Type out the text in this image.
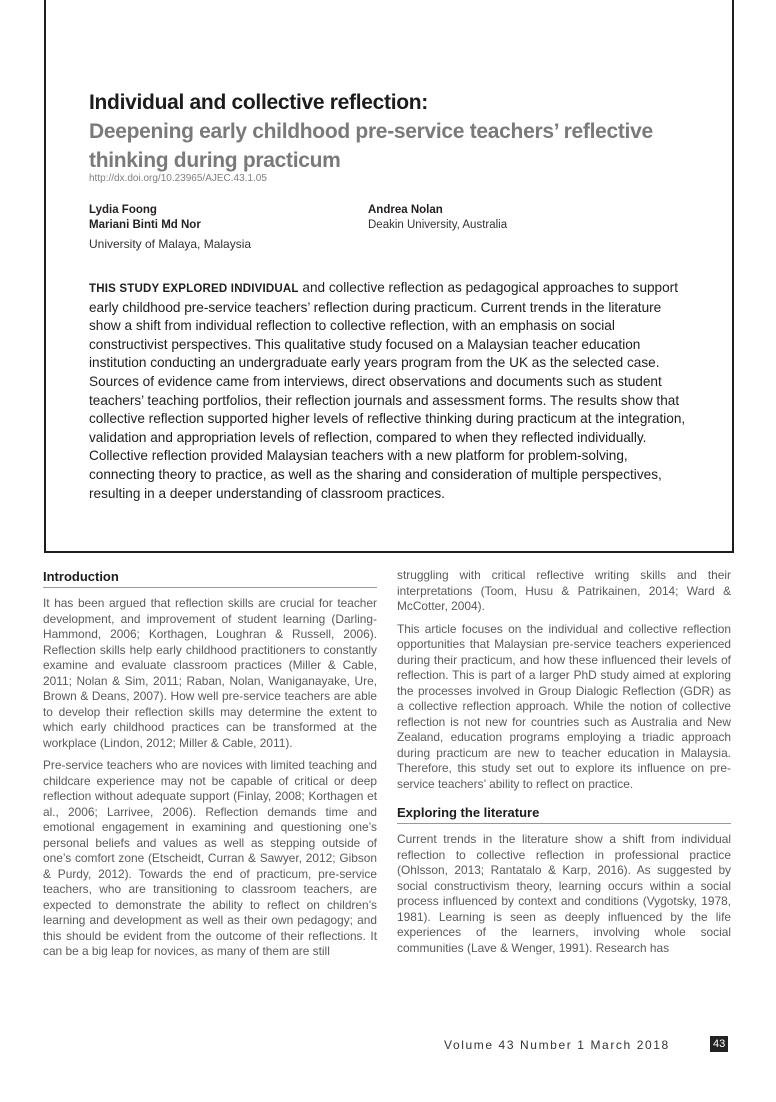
Individual and collective reflection:
Deepening early childhood pre-service teachers’ reflective thinking during practicum
http://dx.doi.org/10.23965/AJEC.43.1.05
Lydia Foong
Mariani Binti Md Nor
University of Malaya, Malaysia
Andrea Nolan
Deakin University, Australia
THIS STUDY EXPLORED INDIVIDUAL and collective reflection as pedagogical approaches to support early childhood pre-service teachers’ reflection during practicum. Current trends in the literature show a shift from individual reflection to collective reflection, with an emphasis on social constructivist perspectives. This qualitative study focused on a Malaysian teacher education institution conducting an undergraduate early years program from the UK as the selected case. Sources of evidence came from interviews, direct observations and documents such as student teachers’ teaching portfolios, their reflection journals and assessment forms. The results show that collective reflection supported higher levels of reflective thinking during practicum at the integration, validation and appropriation levels of reflection, compared to when they reflected individually. Collective reflection provided Malaysian teachers with a new platform for problem-solving, connecting theory to practice, as well as the sharing and consideration of multiple perspectives, resulting in a deeper understanding of classroom practices.
Introduction

It has been argued that reflection skills are crucial for teacher development, and improvement of student learning (Darling-Hammond, 2006; Korthagen, Loughran & Russell, 2006). Reflection skills help early childhood practitioners to constantly examine and evaluate classroom practices (Miller & Cable, 2011; Nolan & Sim, 2011; Raban, Nolan, Waniganayake, Ure, Brown & Deans, 2007). How well pre-service teachers are able to develop their reflection skills may determine the extent to which early childhood practices can be transformed at the workplace (Lindon, 2012; Miller & Cable, 2011).

Pre-service teachers who are novices with limited teaching and childcare experience may not be capable of critical or deep reflection without adequate support (Finlay, 2008; Korthagen et al., 2006; Larrivee, 2006). Reflection demands time and emotional engagement in examining and questioning one’s personal beliefs and values as well as stepping outside of one’s comfort zone (Etscheidt, Curran & Sawyer, 2012; Gibson & Purdy, 2012). Towards the end of practicum, pre-service teachers, who are transitioning to classroom teachers, are expected to demonstrate the ability to reflect on children’s learning and development as well as their own pedagogy; and this should be evident from the outcome of their reflections. It can be a big leap for novices, as many of them are still

struggling with critical reflective writing skills and their interpretations (Toom, Husu & Patrikainen, 2014; Ward & McCotter, 2004).

This article focuses on the individual and collective reflection opportunities that Malaysian pre-service teachers experienced during their practicum, and how these influenced their levels of reflection. This is part of a larger PhD study aimed at exploring the processes involved in Group Dialogic Reflection (GDR) as a collective reflection approach. While the notion of collective reflection is not new for countries such as Australia and New Zealand, education programs employing a triadic approach during practicum are new to teacher education in Malaysia. Therefore, this study set out to explore its influence on pre-service teachers’ ability to reflect on practice.

Exploring the literature

Current trends in the literature show a shift from individual reflection to collective reflection in professional practice (Ohlsson, 2013; Rantatalo & Karp, 2016). As suggested by social constructivism theory, learning occurs within a social process influenced by context and conditions (Vygotsky, 1978, 1981). Learning is seen as deeply influenced by the life experiences of the learners, involving whole social communities (Lave & Wenger, 1991). Research has

Volume 43 Number 1 March 2018	43
